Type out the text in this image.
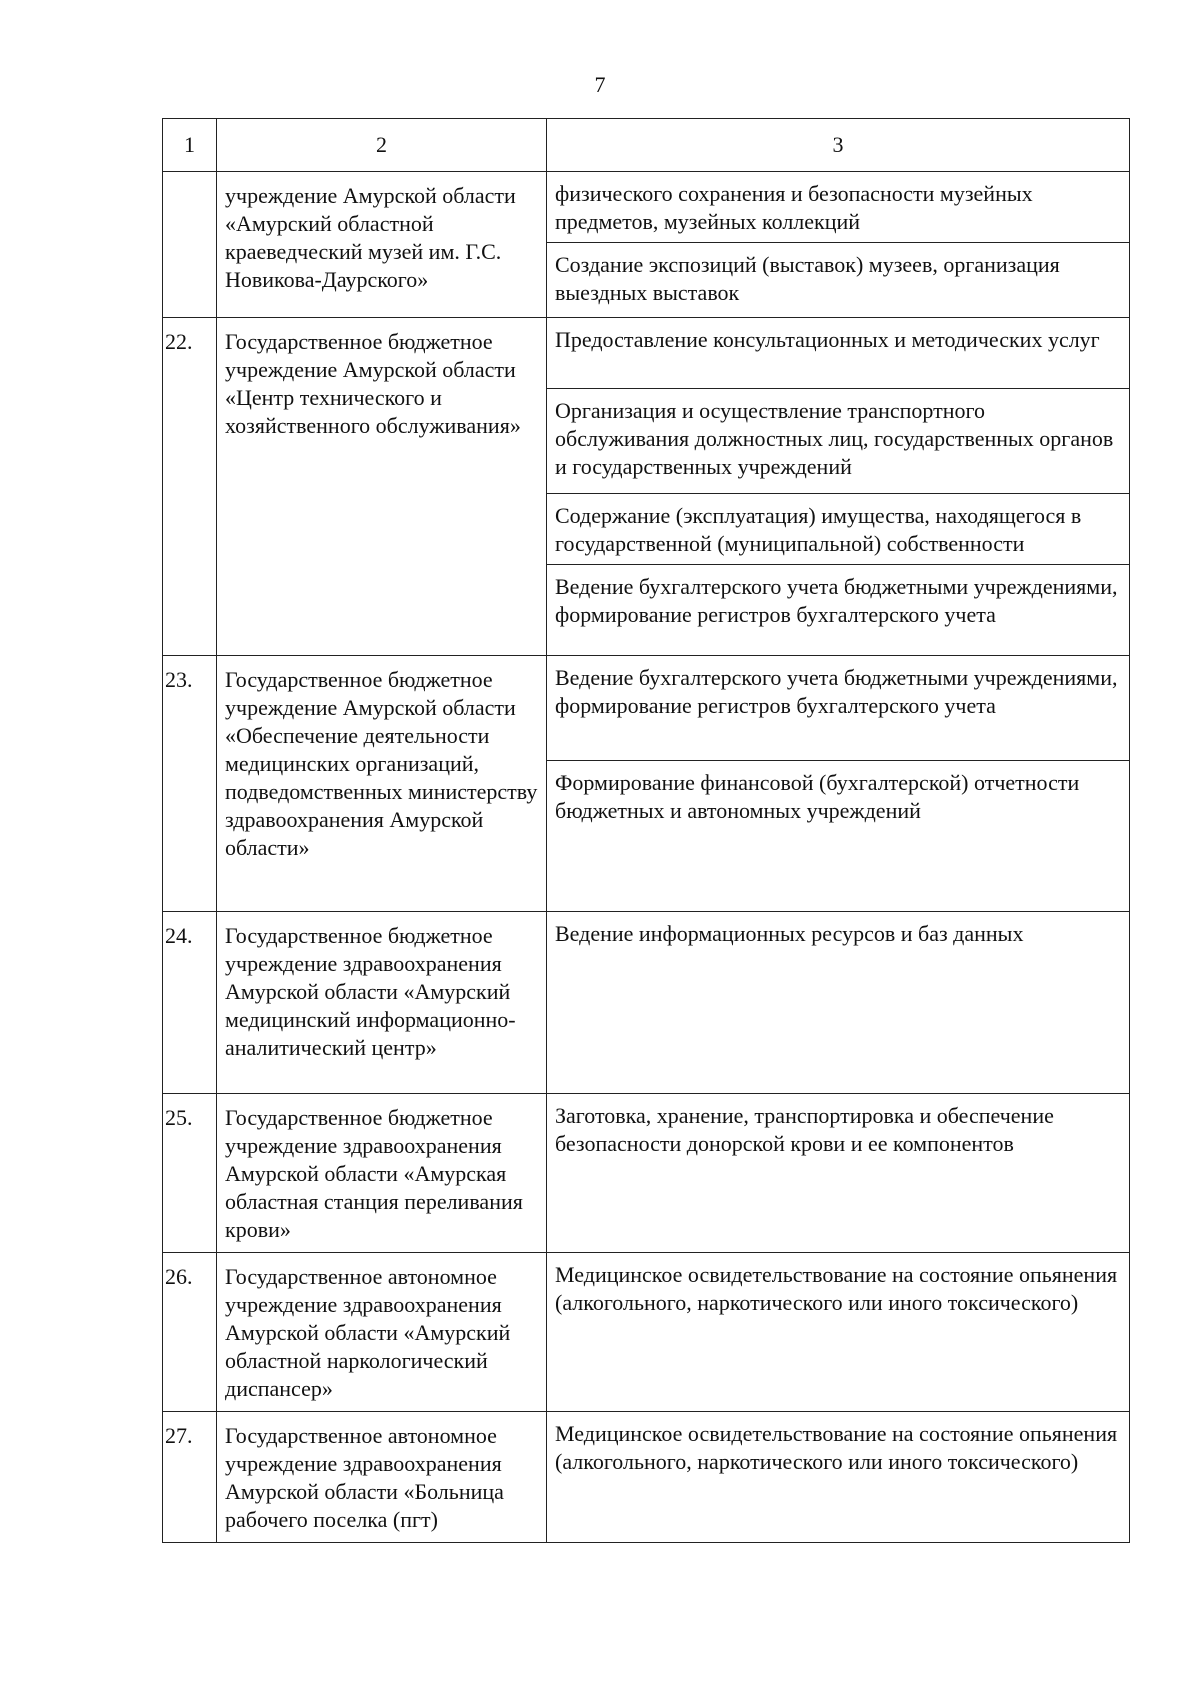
7
1	2	3
	учреждение Амурской области «Амурский областной краеведческий музей им. Г.С. Новикова-Даурского»	физического сохранения и безопасности музейных предметов, музейных коллекций
Создание экспозиций (выставок) музеев, организация выездных выставок

22.	Государственное бюджетное учреждение Амурской области «Центр технического и хозяйственного обслуживания»	Предоставление консультационных и методических услуг
Организация и осуществление транспортного обслуживания должностных лиц, государственных органов и государственных учреждений
Содержание (эксплуатация) имущества, находящегося в государственной (муниципальной) собственности
Ведение бухгалтерского учета бюджетными учреждениями, формирование регистров бухгалтерского учета

23.	Государственное бюджетное учреждение Амурской области «Обеспечение деятельности медицинских организаций, подведомственных министерству здравоохранения Амурской области»	Ведение бухгалтерского учета бюджетными учреждениями, формирование регистров бухгалтерского учета
Формирование финансовой (бухгалтерской) отчетности бюджетных и автономных учреждений

24.	Государственное бюджетное учреждение здравоохранения Амурской области «Амурский медицинский информационно-аналитический центр»	Ведение информационных ресурсов и баз данных

25.	Государственное бюджетное учреждение здравоохранения Амурской области «Амурская областная станция переливания крови»	Заготовка, хранение, транспортировка и обеспечение безопасности донорской крови и ее компонентов

26.	Государственное автономное учреждение здравоохранения Амурской области «Амурский областной наркологический диспансер»	Медицинское освидетельствование на состояние опьянения (алкогольного, наркотического или иного токсического)

27.	Государственное автономное учреждение здравоохранения Амурской области «Больница рабочего поселка (пгт)	Медицинское освидетельствование на состояние опьянения (алкогольного, наркотического или иного токсического)
